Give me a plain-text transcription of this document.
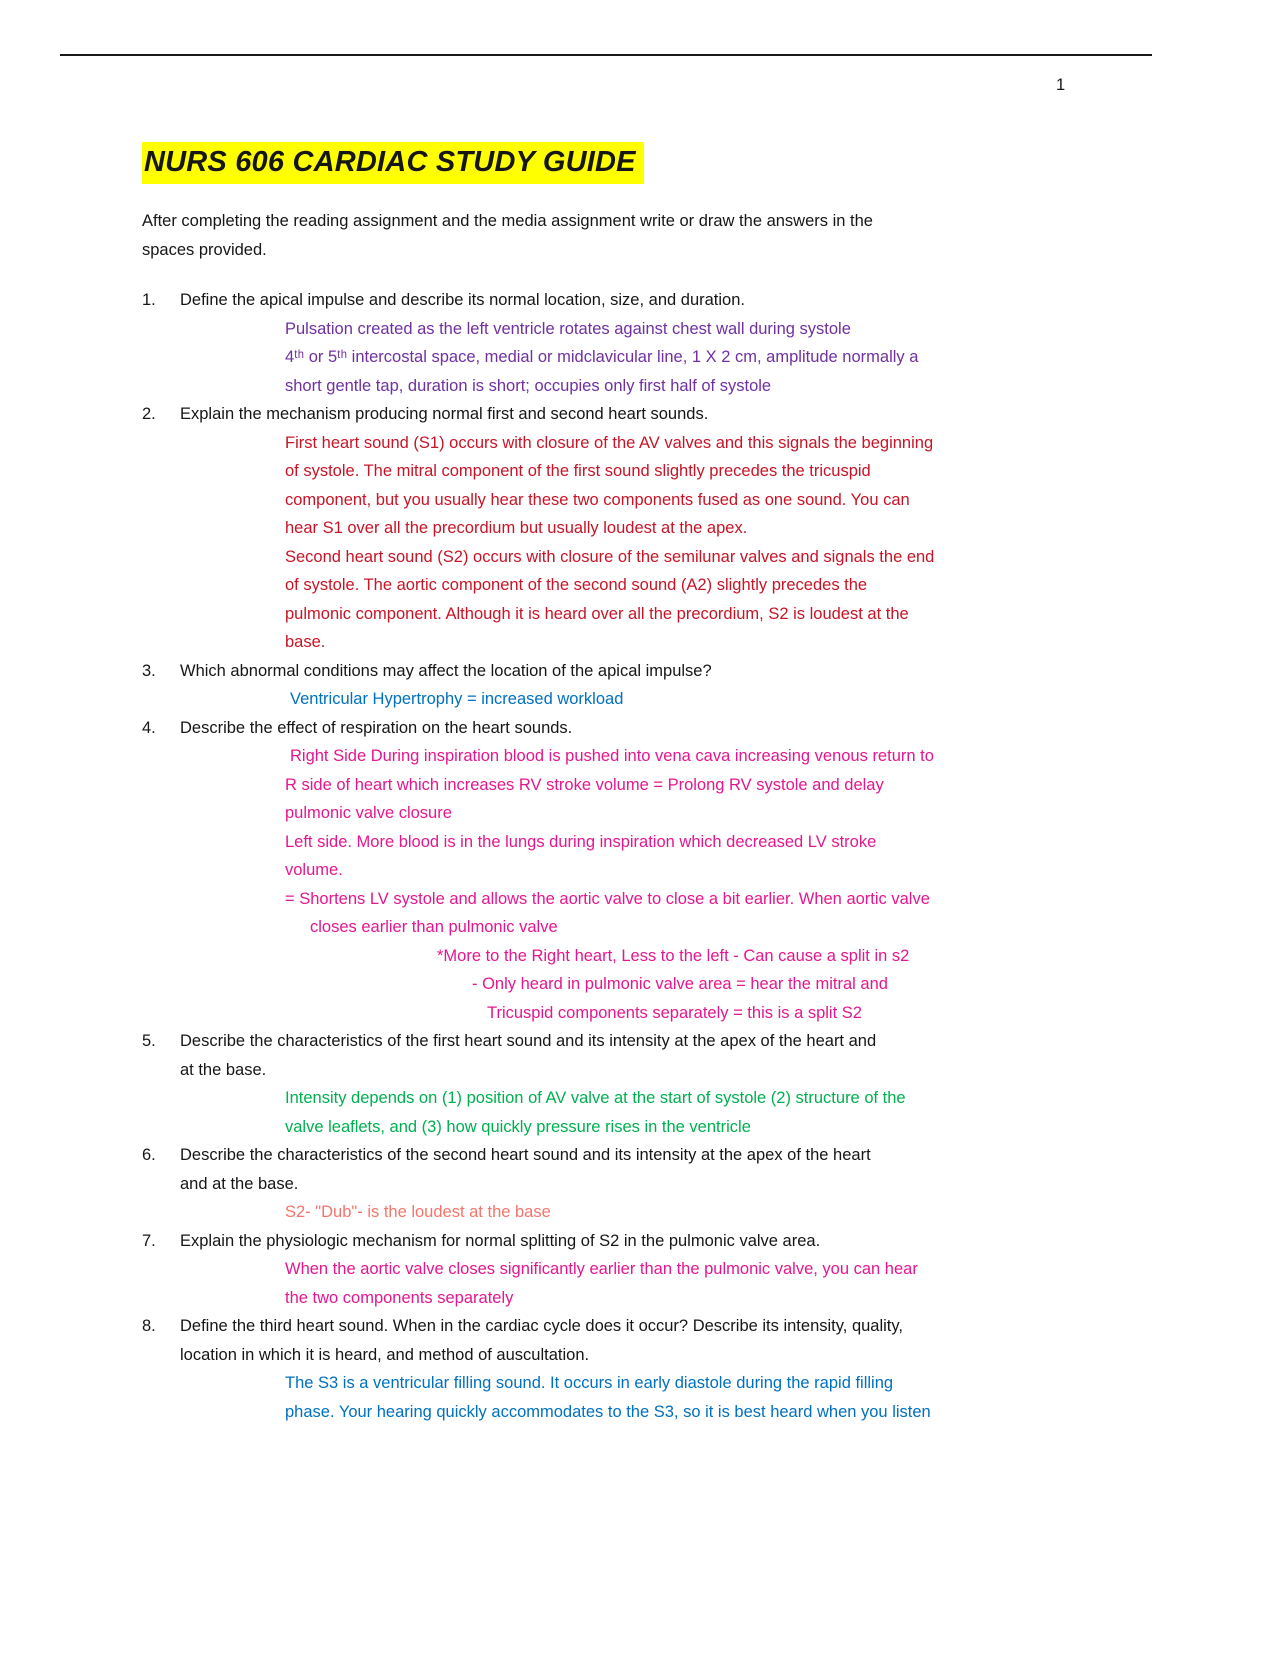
1
NURS 606 CARDIAC STUDY GUIDE
After completing the reading assignment and the media assignment write or draw the answers in the
spaces provided.
1.	Define the apical impulse and describe its normal location, size, and duration.
Pulsation created as the left ventricle rotates against chest wall during systole
4ᵗʰ or 5ᵗʰ intercostal space, medial or midclavicular line, 1 X 2 cm, amplitude normally a
short gentle tap, duration is short; occupies only first half of systole
2.	Explain the mechanism producing normal first and second heart sounds.
First heart sound (S1) occurs with closure of the AV valves and this signals the beginning
of systole. The mitral component of the first sound slightly precedes the tricuspid
component, but you usually hear these two components fused as one sound. You can
hear S1 over all the precordium but usually loudest at the apex.
Second heart sound (S2) occurs with closure of the semilunar valves and signals the end
of systole. The aortic component of the second sound (A2) slightly precedes the
pulmonic component. Although it is heard over all the precordium, S2 is loudest at the
base.
3.	Which abnormal conditions may affect the location of the apical impulse?
Ventricular Hypertrophy = increased workload
4.	Describe the effect of respiration on the heart sounds.
Right Side During inspiration blood is pushed into vena cava increasing venous return to
R side of heart which increases RV stroke volume = Prolong RV systole and delay
pulmonic valve closure
Left side. More blood is in the lungs during inspiration which decreased LV stroke
volume.
= Shortens LV systole and allows the aortic valve to close a bit earlier. When aortic valve
closes earlier than pulmonic valve
*More to the Right heart, Less to the left - Can cause a split in s2
- Only heard in pulmonic valve area = hear the mitral and
Tricuspid components separately = this is a split S2
5.	Describe the characteristics of the first heart sound and its intensity at the apex of the heart and
at the base.
Intensity depends on (1) position of AV valve at the start of systole (2) structure of the
valve leaflets, and (3) how quickly pressure rises in the ventricle
6.	Describe the characteristics of the second heart sound and its intensity at the apex of the heart
and at the base.
S2- "Dub"- is the loudest at the base
7.	Explain the physiologic mechanism for normal splitting of S2 in the pulmonic valve area.
When the aortic valve closes significantly earlier than the pulmonic valve, you can hear
the two components separately
8.	Define the third heart sound. When in the cardiac cycle does it occur? Describe its intensity, quality,
location in which it is heard, and method of auscultation.
The S3 is a ventricular filling sound. It occurs in early diastole during the rapid filling
phase. Your hearing quickly accommodates to the S3, so it is best heard when you listen
